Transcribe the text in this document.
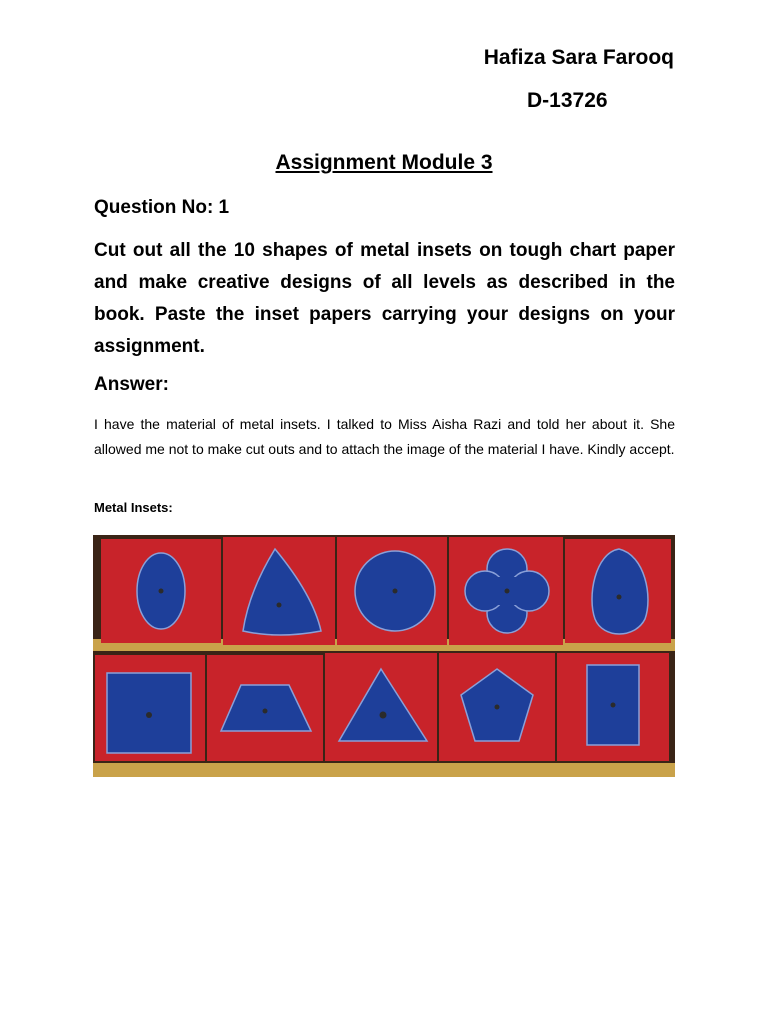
Hafiza Sara Farooq
D-13726
Assignment Module 3
Question No: 1
Cut out all the 10 shapes of metal insets on tough chart paper and make creative designs of all levels as described in the book. Paste the inset papers carrying your designs on your assignment.
Answer:
I have the material of metal insets. I talked to Miss Aisha Razi and told her about it. She allowed me not to make cut outs and to attach the image of the material I have. Kindly accept.
Metal Insets:
